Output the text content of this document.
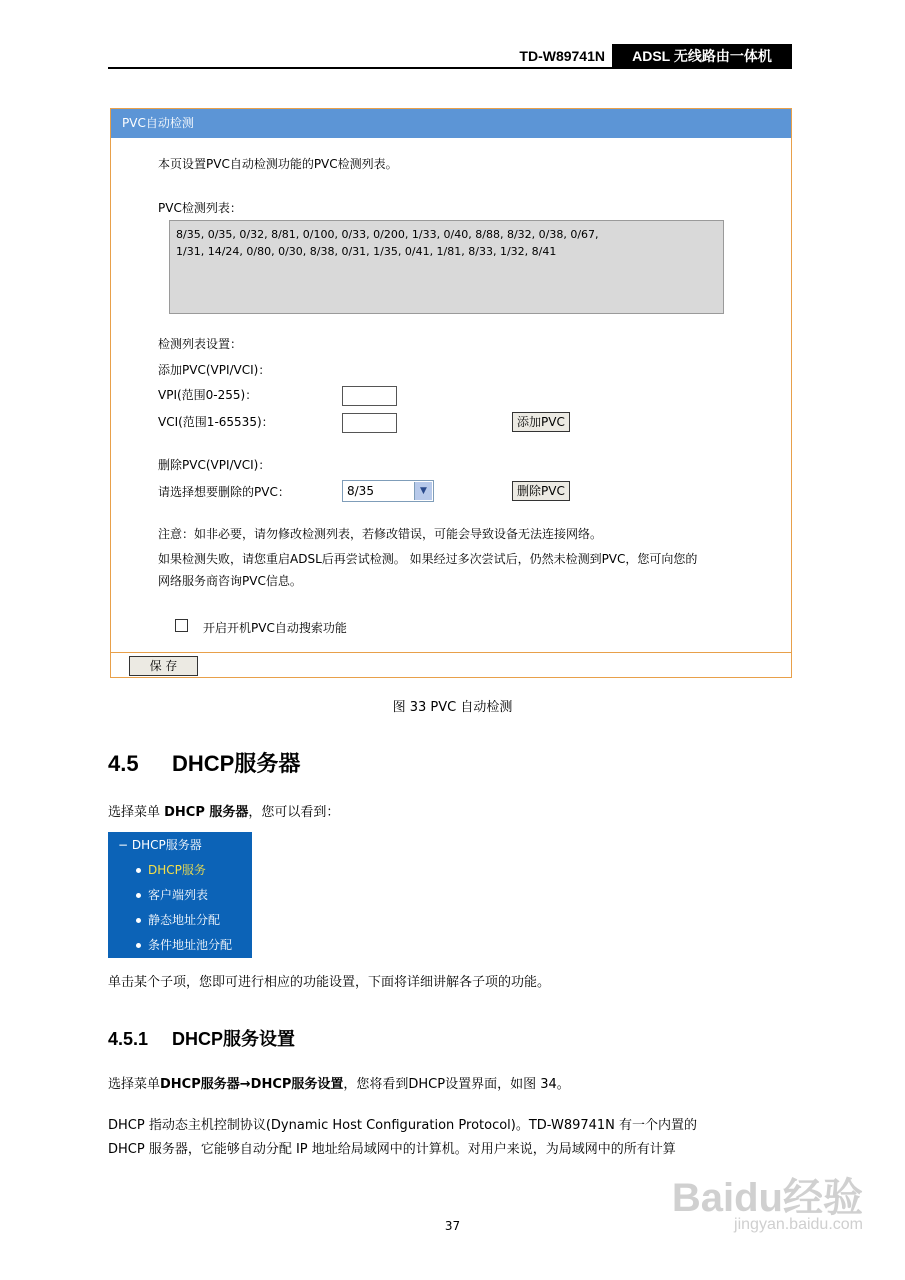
TD-W89741N	ADSL 无线路由一体机
PVC自动检测
本页设置PVC自动检测功能的PVC检测列表。
PVC检测列表：
8/35, 0/35, 0/32, 8/81, 0/100, 0/33, 0/200, 1/33, 0/40, 8/88, 8/32, 0/38, 0/67,
1/31, 14/24, 0/80, 0/30, 8/38, 0/31, 1/35, 0/41, 1/81, 8/33, 1/32, 8/41
检测列表设置：
添加PVC(VPI/VCI)：
VPI(范围0-255)：
VCI(范围1-65535)：	添加PVC
删除PVC(VPI/VCI)：
请选择想要删除的PVC：	8/35	▼	删除PVC
注意：如非必要，请勿修改检测列表，若修改错误，可能会导致设备无法连接网络。
如果检测失败，请您重启ADSL后再尝试检测。 如果经过多次尝试后，仍然未检测到PVC，您可向您的
网络服务商咨询PVC信息。
开启开机PVC自动搜索功能
保 存
图 33 PVC 自动检测
4.5 DHCP服务器
选择菜单 DHCP 服务器，您可以看到：
− DHCP服务器
DHCP服务
客户端列表
静态地址分配
条件地址池分配
单击某个子项，您即可进行相应的功能设置，下面将详细讲解各子项的功能。
4.5.1 DHCP服务设置
选择菜单DHCP服务器→DHCP服务设置，您将看到DHCP设置界面，如图 34。
DHCP 指动态主机控制协议(Dynamic Host Configuration Protocol)。TD-W89741N 有一个内置的
DHCP 服务器，它能够自动分配 IP 地址给局域网中的计算机。对用户来说，为局域网中的所有计算
Baidu经验
jingyan.baidu.com
37
